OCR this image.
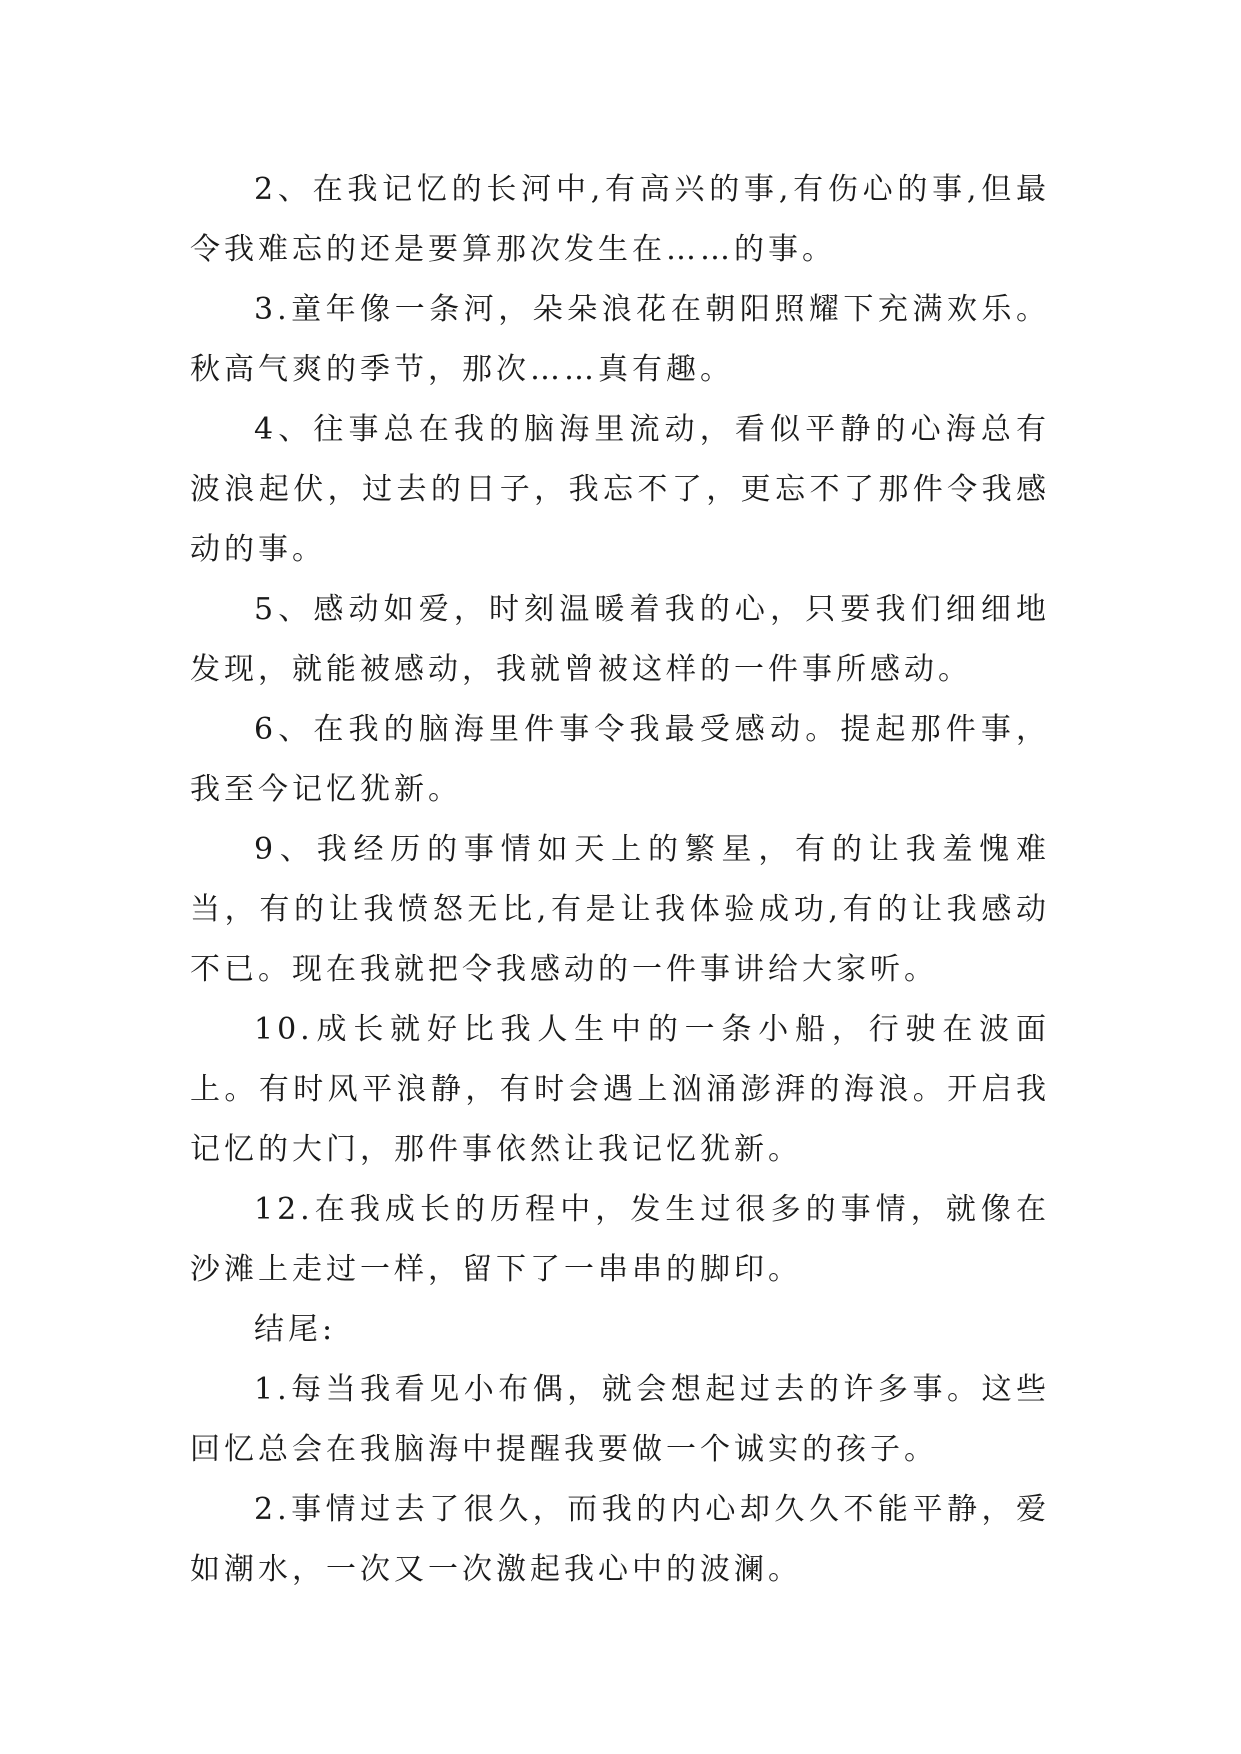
2、在我记忆的长河中,有高兴的事,有伤心的事,但最令我难忘的还是要算那次发生在……的事。

3.童年像一条河，朵朵浪花在朝阳照耀下充满欢乐。秋高气爽的季节，那次……真有趣。

4、往事总在我的脑海里流动，看似平静的心海总有波浪起伏，过去的日子，我忘不了，更忘不了那件令我感动的事。

5、感动如爱，时刻温暖着我的心，只要我们细细地发现，就能被感动，我就曾被这样的一件事所感动。

6、在我的脑海里件事令我最受感动。提起那件事，我至今记忆犹新。

9、我经历的事情如天上的繁星，有的让我羞愧难当，有的让我愤怒无比,有是让我体验成功,有的让我感动不已。现在我就把令我感动的一件事讲给大家听。

10.成长就好比我人生中的一条小船，行驶在波面上。有时风平浪静，有时会遇上汹涌澎湃的海浪。开启我记忆的大门，那件事依然让我记忆犹新。

12.在我成长的历程中，发生过很多的事情，就像在沙滩上走过一样，留下了一串串的脚印。

结尾:

1.每当我看见小布偶，就会想起过去的许多事。这些回忆总会在我脑海中提醒我要做一个诚实的孩子。

2.事情过去了很久，而我的内心却久久不能平静，爱如潮水，一次又一次激起我心中的波澜。
